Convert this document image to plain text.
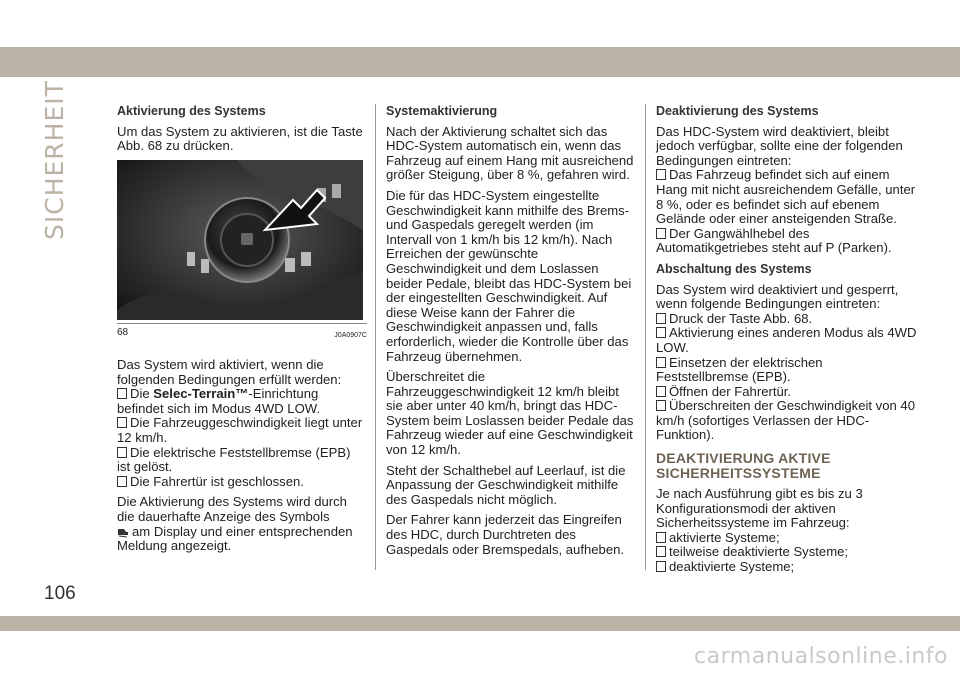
SICHERHEIT
106
carmanualsonline.info
Aktivierung des Systems

Um das System zu aktivieren, ist die Taste Abb. 68 zu drücken.

68	J0A0907C

Das System wird aktiviert, wenn die folgenden Bedingungen erfüllt werden:

Die Selec-Terrain™-Einrichtung befindet sich im Modus 4WD LOW.
Die Fahrzeuggeschwindigkeit liegt unter 12 km/h.
Die elektrische Feststellbremse (EPB) ist gelöst.
Die Fahrertür ist geschlossen.

Die Aktivierung des Systems wird durch die dauerhafte Anzeige des Symbols
am Display und einer entsprechenden Meldung angezeigt.

Systemaktivierung

Nach der Aktivierung schaltet sich das HDC-System automatisch ein, wenn das Fahrzeug auf einem Hang mit ausreichend größer Steigung, über 8 %, gefahren wird.

Die für das HDC-System eingestellte Geschwindigkeit kann mithilfe des Brems- und Gaspedals geregelt werden (im Intervall von 1 km/h bis 12 km/h). Nach Erreichen der gewünschte Geschwindigkeit und dem Loslassen beider Pedale, bleibt das HDC-System bei der eingestellten Geschwindigkeit. Auf diese Weise kann der Fahrer die Geschwindigkeit anpassen und, falls erforderlich, wieder die Kontrolle über das Fahrzeug übernehmen.

Überschreitet die Fahrzeuggeschwindigkeit 12 km/h bleibt sie aber unter 40 km/h, bringt das HDC-System beim Loslassen beider Pedale das Fahrzeug wieder auf eine Geschwindigkeit von 12 km/h.

Steht der Schalthebel auf Leerlauf, ist die Anpassung der Geschwindigkeit mithilfe des Gaspedals nicht möglich.

Der Fahrer kann jederzeit das Eingreifen des HDC, durch Durchtreten des Gaspedals oder Bremspedals, aufheben.

Deaktivierung des Systems

Das HDC-System wird deaktiviert, bleibt jedoch verfügbar, sollte eine der folgenden Bedingungen eintreten:

Das Fahrzeug befindet sich auf einem Hang mit nicht ausreichendem Gefälle, unter 8 %, oder es befindet sich auf ebenem Gelände oder einer ansteigenden Straße.
Der Gangwählhebel des Automatikgetriebes steht auf P (Parken).
Abschaltung des Systems

Das System wird deaktiviert und gesperrt, wenn folgende Bedingungen eintreten:

Druck der Taste Abb. 68.
Aktivierung eines anderen Modus als 4WD LOW.
Einsetzen der elektrischen Feststellbremse (EPB).
Öffnen der Fahrertür.
Überschreiten der Geschwindigkeit von 40 km/h (sofortiges Verlassen der HDC-Funktion).
DEAKTIVIERUNG AKTIVE SICHERHEITSSYSTEME

Je nach Ausführung gibt es bis zu 3 Konfigurationsmodi der aktiven Sicherheitssysteme im Fahrzeug:

aktivierte Systeme;
teilweise deaktivierte Systeme;
deaktivierte Systeme;
